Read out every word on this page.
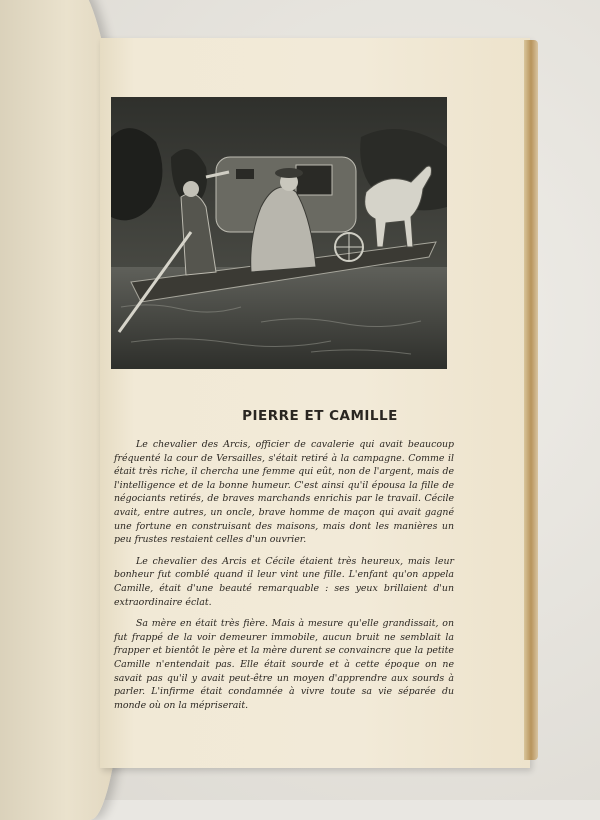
PIERRE ET CAMILLE

Le chevalier des Arcis, officier de cavalerie qui avait beaucoup fréquenté la cour de Versailles, s'était retiré à la campagne. Comme il était très riche, il chercha une femme qui eût, non de l'argent, mais de l'intelligence et de la bonne humeur. C'est ainsi qu'il épousa la fille de négociants retirés, de braves marchands enrichis par le travail. Cécile avait, entre autres, un oncle, brave homme de maçon qui avait gagné une fortune en construisant des maisons, mais dont les manières un peu frustes restaient celles d'un ouvrier.

Le chevalier des Arcis et Cécile étaient très heureux, mais leur bonheur fut comblé quand il leur vint une fille. L'enfant qu'on appela Camille, était d'une beauté remarquable : ses yeux brillaient d'un extraordinaire éclat.

Sa mère en était très fière. Mais à mesure qu'elle grandissait, on fut frappé de la voir demeurer immobile, aucun bruit ne semblait la frapper et bientôt le père et la mère durent se convaincre que la petite Camille n'entendait pas. Elle était sourde et à cette époque on ne savait pas qu'il y avait peut-être un moyen d'apprendre aux sourds à parler. L'infirme était condamnée à vivre toute sa vie séparée du monde où on la mépriserait.
